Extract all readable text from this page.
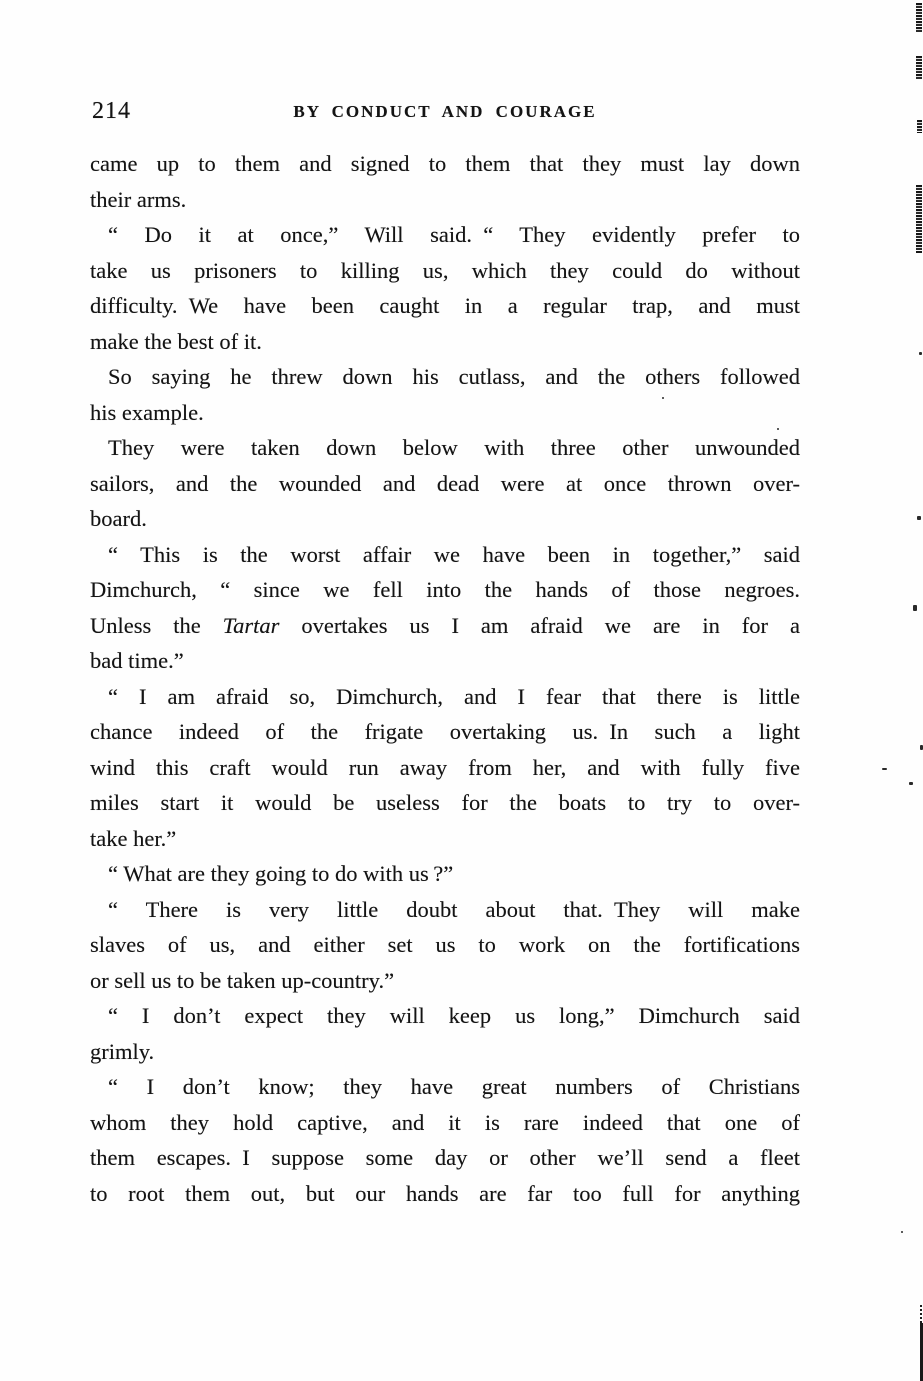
214	BY CONDUCT AND COURAGE
came up to them and signed to them that they must lay down
their arms.
“ Do it at once,” Will said. “ They evidently prefer to
take us prisoners to killing us, which they could do without
difficulty. We have been caught in a regular trap, and must
make the best of it.
So saying he threw down his cutlass, and the others followed
his example.
They were taken down below with three other unwounded
sailors, and the wounded and dead were at once thrown over-
board.
“ This is the worst affair we have been in together,” said
Dimchurch, “ since we fell into the hands of those negroes.
Unless the Tartar overtakes us I am afraid we are in for a
bad time.”
“ I am afraid so, Dimchurch, and I fear that there is little
chance indeed of the frigate overtaking us. In such a light
wind this craft would run away from her, and with fully five
miles start it would be useless for the boats to try to over-
take her.”
“ What are they going to do with us ?”
“ There is very little doubt about that. They will make
slaves of us, and either set us to work on the fortifications
or sell us to be taken up-country.”
“ I don’t expect they will keep us long,” Dimchurch said
grimly.
“ I don’t know; they have great numbers of Christians
whom they hold captive, and it is rare indeed that one of
them escapes. I suppose some day or other we’ll send a fleet
to root them out, but our hands are far too full for anything
